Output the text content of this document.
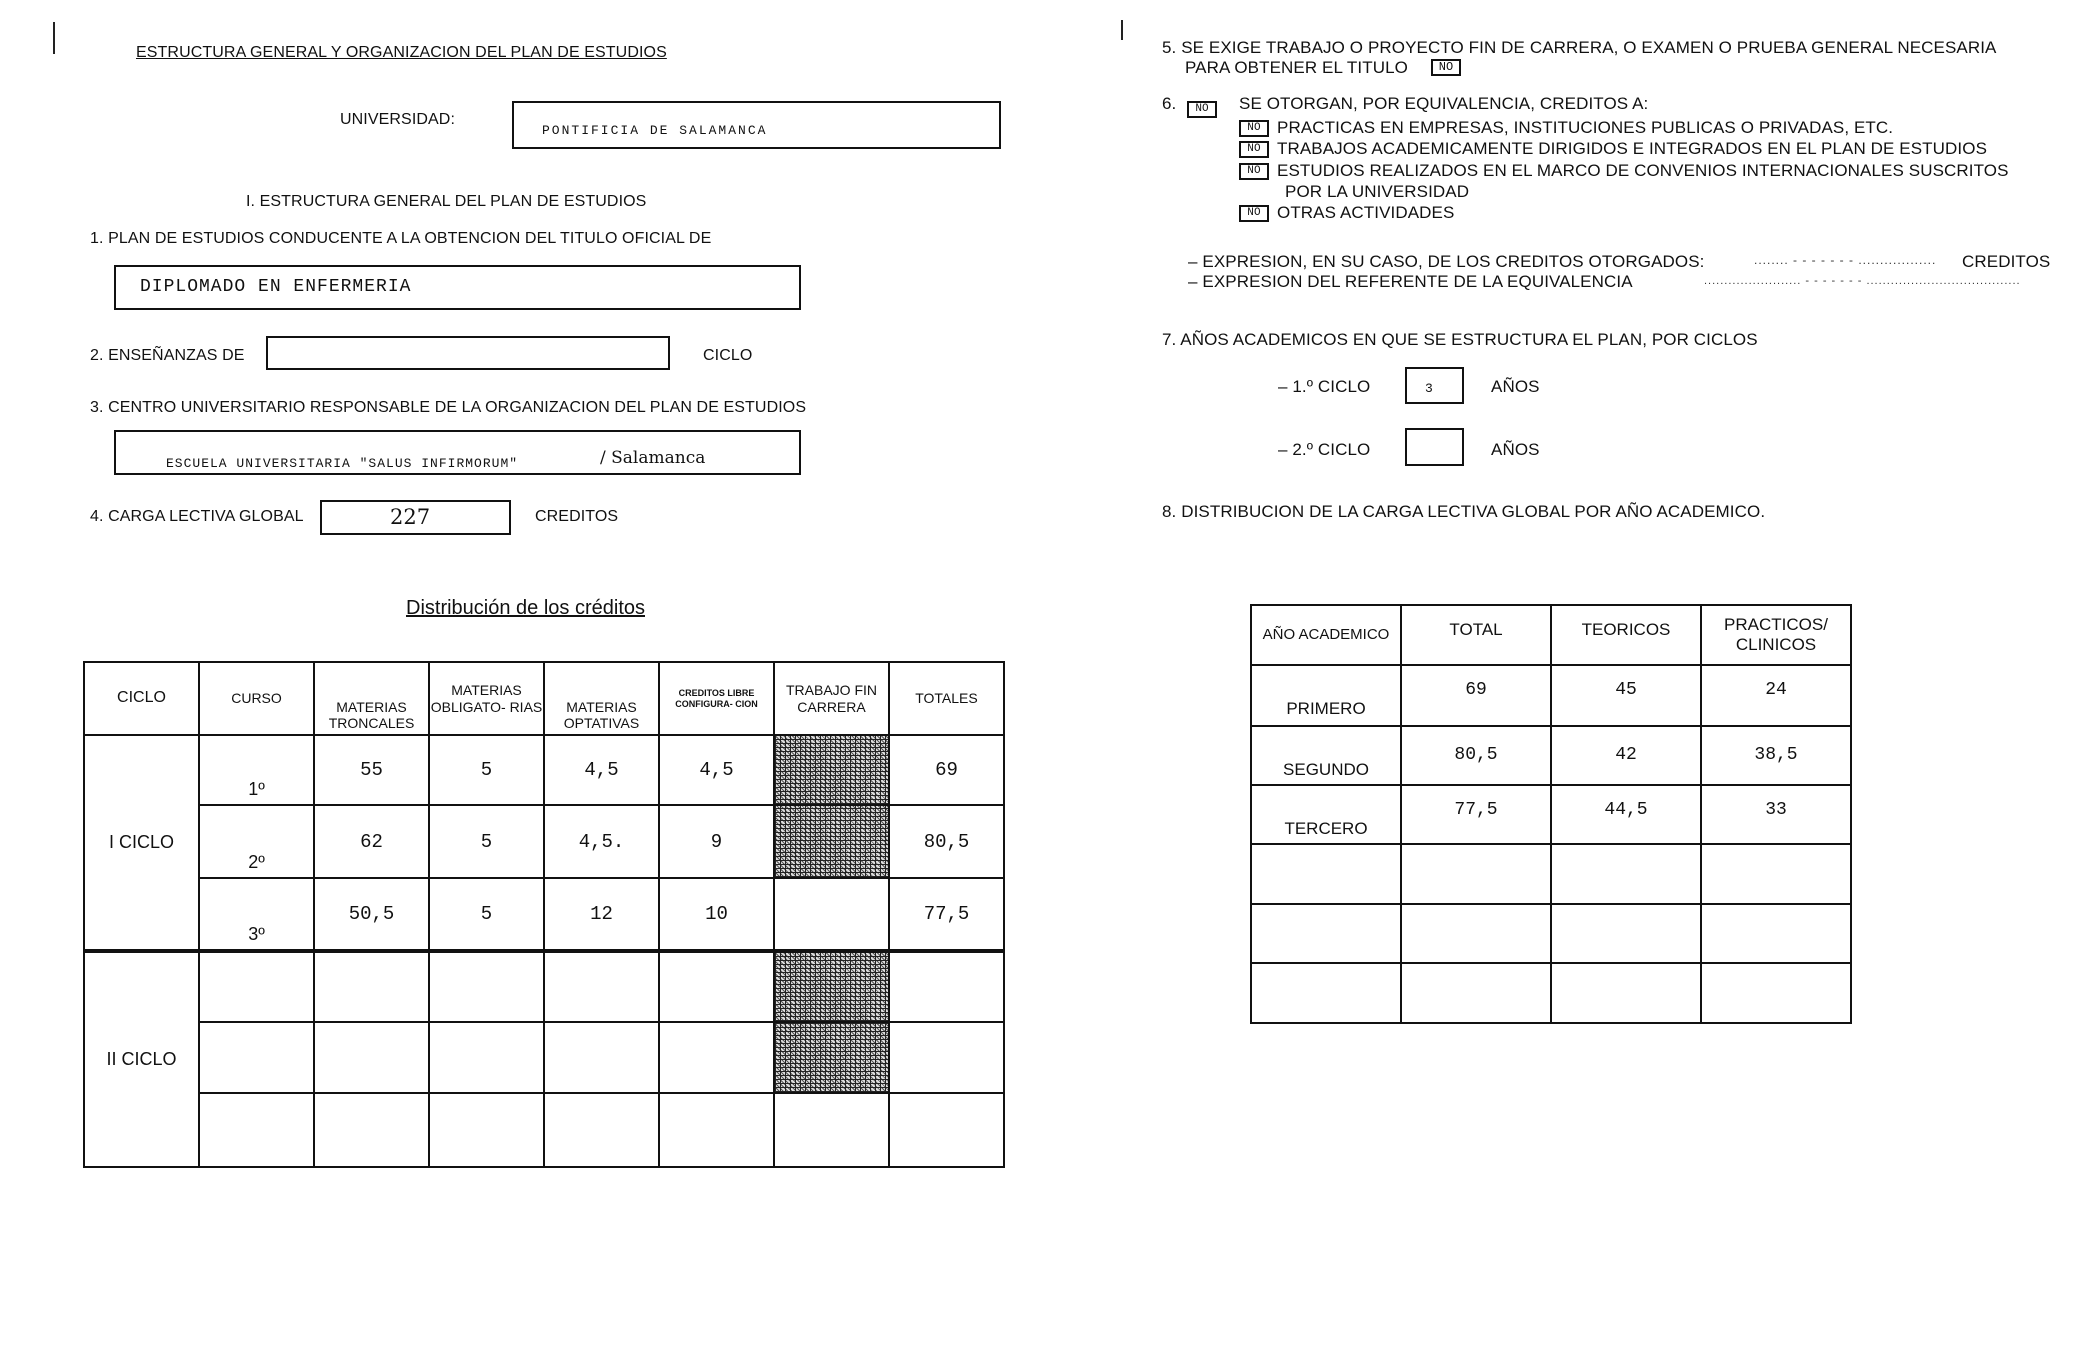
ESTRUCTURA GENERAL Y ORGANIZACION DEL PLAN DE ESTUDIOS
UNIVERSIDAD:
PONTIFICIA DE SALAMANCA
I. ESTRUCTURA GENERAL DEL PLAN DE ESTUDIOS
1. PLAN DE ESTUDIOS CONDUCENTE A LA OBTENCION DEL TITULO OFICIAL DE
DIPLOMADO EN ENFERMERIA
2. ENSEÑANZAS DE	CICLO
3. CENTRO UNIVERSITARIO RESPONSABLE DE LA ORGANIZACION DEL PLAN DE ESTUDIOS
ESCUELA UNIVERSITARIA "SALUS INFIRMORUM"	/ Salamanca
4. CARGA LECTIVA GLOBAL	227	CREDITOS
Distribución de los créditos
CICLO	CURSO	MATERIAS TRONCALES	MATERIAS OBLIGATO- RIAS	MATERIAS OPTATIVAS	CREDITOS LIBRE CONFIGURA- CION	TRABAJO FIN CARRERA	TOTALES
I CICLO	1º	55	5	4,5	4,5		69
	2º	62	5	4,5.	9		80,5
	3º	50,5	5	12	10		77,5
II CICLO							

5. SE EXIGE TRABAJO O PROYECTO FIN DE CARRERA, O EXAMEN O PRUEBA GENERAL NECESARIA
PARA OBTENER EL TITULO	NO
6.	NO	SE OTORGAN, POR EQUIVALENCIA, CREDITOS A:
NO PRACTICAS EN EMPRESAS, INSTITUCIONES PUBLICAS O PRIVADAS, ETC.
NO TRABAJOS ACADEMICAMENTE DIRIGIDOS E INTEGRADOS EN EL PLAN DE ESTUDIOS
NO ESTUDIOS REALIZADOS EN EL MARCO DE CONVENIOS INTERNACIONALES SUSCRITOS
POR LA UNIVERSIDAD
NO OTRAS ACTIVIDADES
– EXPRESION, EN SU CASO, DE LOS CREDITOS OTORGADOS:	........ - - - - - - - .................. CREDITOS
– EXPRESION DEL REFERENTE DE LA EQUIVALENCIA	........................ - - - - - - - ......................................
7. AÑOS ACADEMICOS EN QUE SE ESTRUCTURA EL PLAN, POR CICLOS
– 1.º CICLO	3	AÑOS
– 2.º CICLO	AÑOS
8. DISTRIBUCION DE LA CARGA LECTIVA GLOBAL POR AÑO ACADEMICO.
AÑO ACADEMICO	TOTAL	TEORICOS	PRACTICOS/ CLINICOS
PRIMERO	69	45	24
SEGUNDO	80,5	42	38,5
TERCERO	77,5	44,5	33
